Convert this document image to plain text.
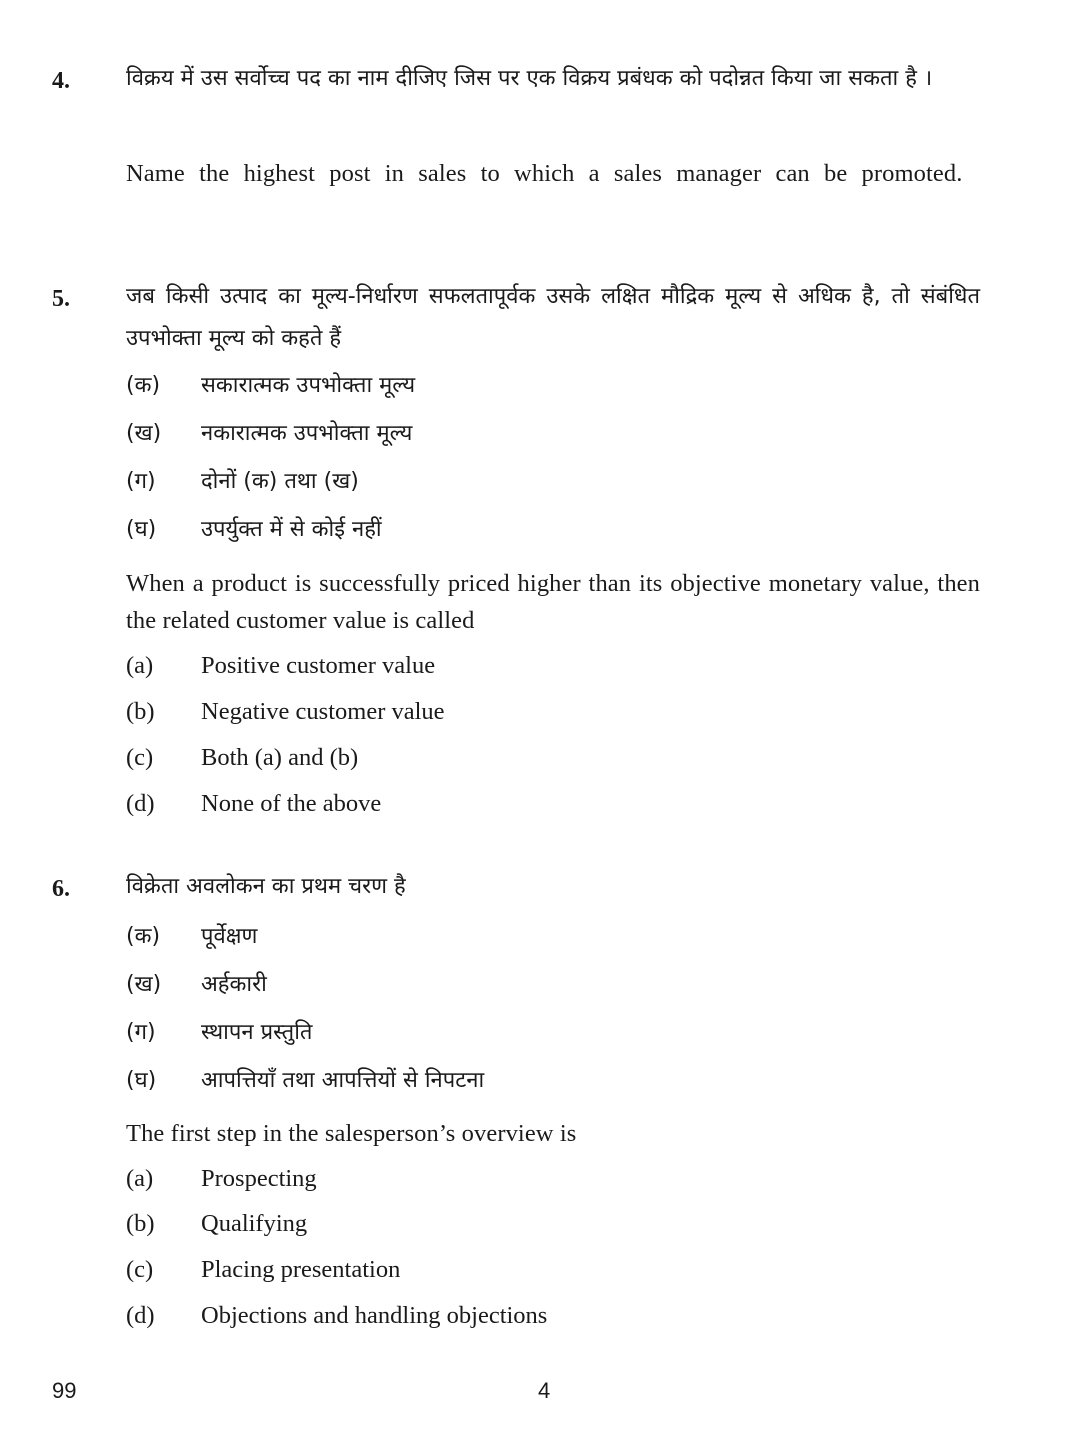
4.	विक्रय में उस सर्वोच्च पद का नाम दीजिए जिस पर एक विक्रय प्रबंधक को पदोन्नत किया जा सकता है ।
Name the highest post in sales to which a sales manager can be promoted.
5.	जब किसी उत्पाद का मूल्य-निर्धारण सफलतापूर्वक उसके लक्षित मौद्रिक मूल्य से अधिक है, तो संबंधित उपभोक्ता मूल्य को कहते हैं
(क) सकारात्मक उपभोक्ता मूल्य
(ख) नकारात्मक उपभोक्ता मूल्य
(ग) दोनों (क) तथा (ख)
(घ) उपर्युक्त में से कोई नहीं
When a product is successfully priced higher than its objective monetary value, then the related customer value is called
(a) Positive customer value
(b) Negative customer value
(c) Both (a) and (b)
(d) None of the above
6.	विक्रेता अवलोकन का प्रथम चरण है
(क) पूर्वेक्षण
(ख) अर्हकारी
(ग) स्थापन प्रस्तुति
(घ) आपत्तियाँ तथा आपत्तियों से निपटना
The first step in the salesperson’s overview is
(a) Prospecting
(b) Qualifying
(c) Placing presentation
(d) Objections and handling objections
99	4
